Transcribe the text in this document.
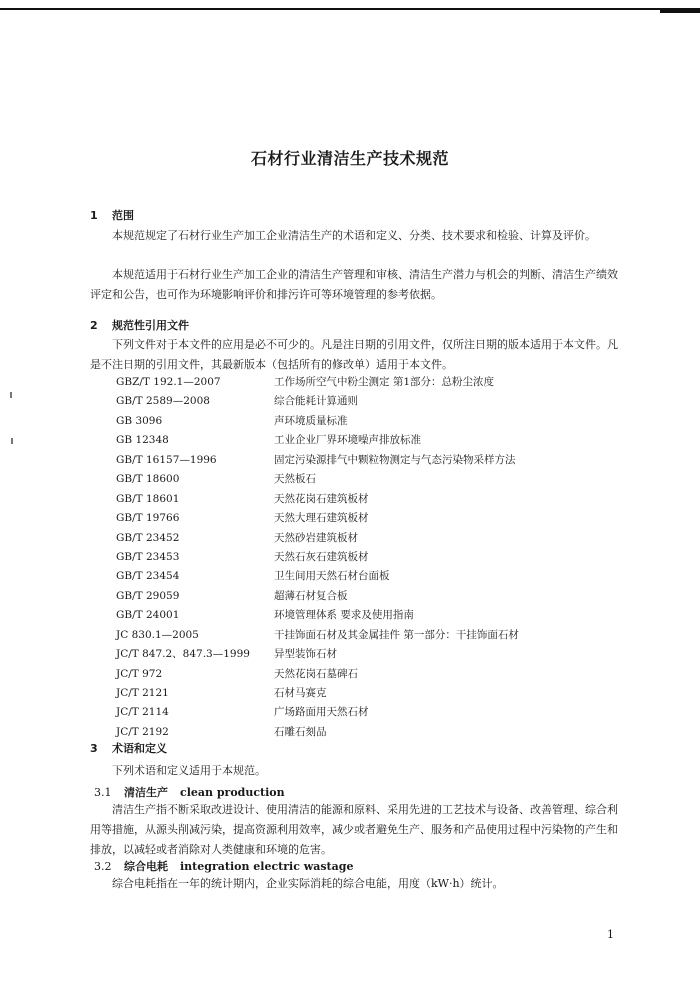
石材行业清洁生产技术规范
1 范围
本规范规定了石材行业生产加工企业清洁生产的术语和定义、分类、技术要求和检验、计算及评价。
本规范适用于石材行业生产加工企业的清洁生产管理和审核、清洁生产潜力与机会的判断、清洁生产绩效评定和公告，也可作为环境影响评价和排污许可等环境管理的参考依据。
2 规范性引用文件
下列文件对于本文件的应用是必不可少的。凡是注日期的引用文件，仅所注日期的版本适用于本文件。凡是不注日期的引用文件，其最新版本（包括所有的修改单）适用于本文件。
GBZ/T 192.1—2007	工作场所空气中粉尘测定 第1部分：总粉尘浓度
GB/T 2589—2008	综合能耗计算通则
GB 3096	声环境质量标准
GB 12348	工业企业厂界环境噪声排放标准
GB/T 16157—1996	固定污染源排气中颗粒物测定与气态污染物采样方法
GB/T 18600	天然板石
GB/T 18601	天然花岗石建筑板材
GB/T 19766	天然大理石建筑板材
GB/T 23452	天然砂岩建筑板材
GB/T 23453	天然石灰石建筑板材
GB/T 23454	卫生间用天然石材台面板
GB/T 29059	超薄石材复合板
GB/T 24001	环境管理体系 要求及使用指南
JC 830.1—2005	干挂饰面石材及其金属挂件 第一部分：干挂饰面石材
JC/T 847.2、847.3—1999 异型装饰石材
JC/T 972	天然花岗石墓碑石
JC/T 2121	石材马赛克
JC/T 2114	广场路面用天然石材
JC/T 2192	石雕石刻品
3 术语和定义
下列术语和定义适用于本规范。
3.1 清洁生产 clean production
清洁生产指不断采取改进设计、使用清洁的能源和原料、采用先进的工艺技术与设备、改善管理、综合利用等措施，从源头削减污染，提高资源利用效率，减少或者避免生产、服务和产品使用过程中污染物的产生和排放，以减轻或者消除对人类健康和环境的危害。
3.2 综合电耗 integration electric wastage
综合电耗指在一年的统计期内，企业实际消耗的综合电能，用度（kW·h）统计。
1
